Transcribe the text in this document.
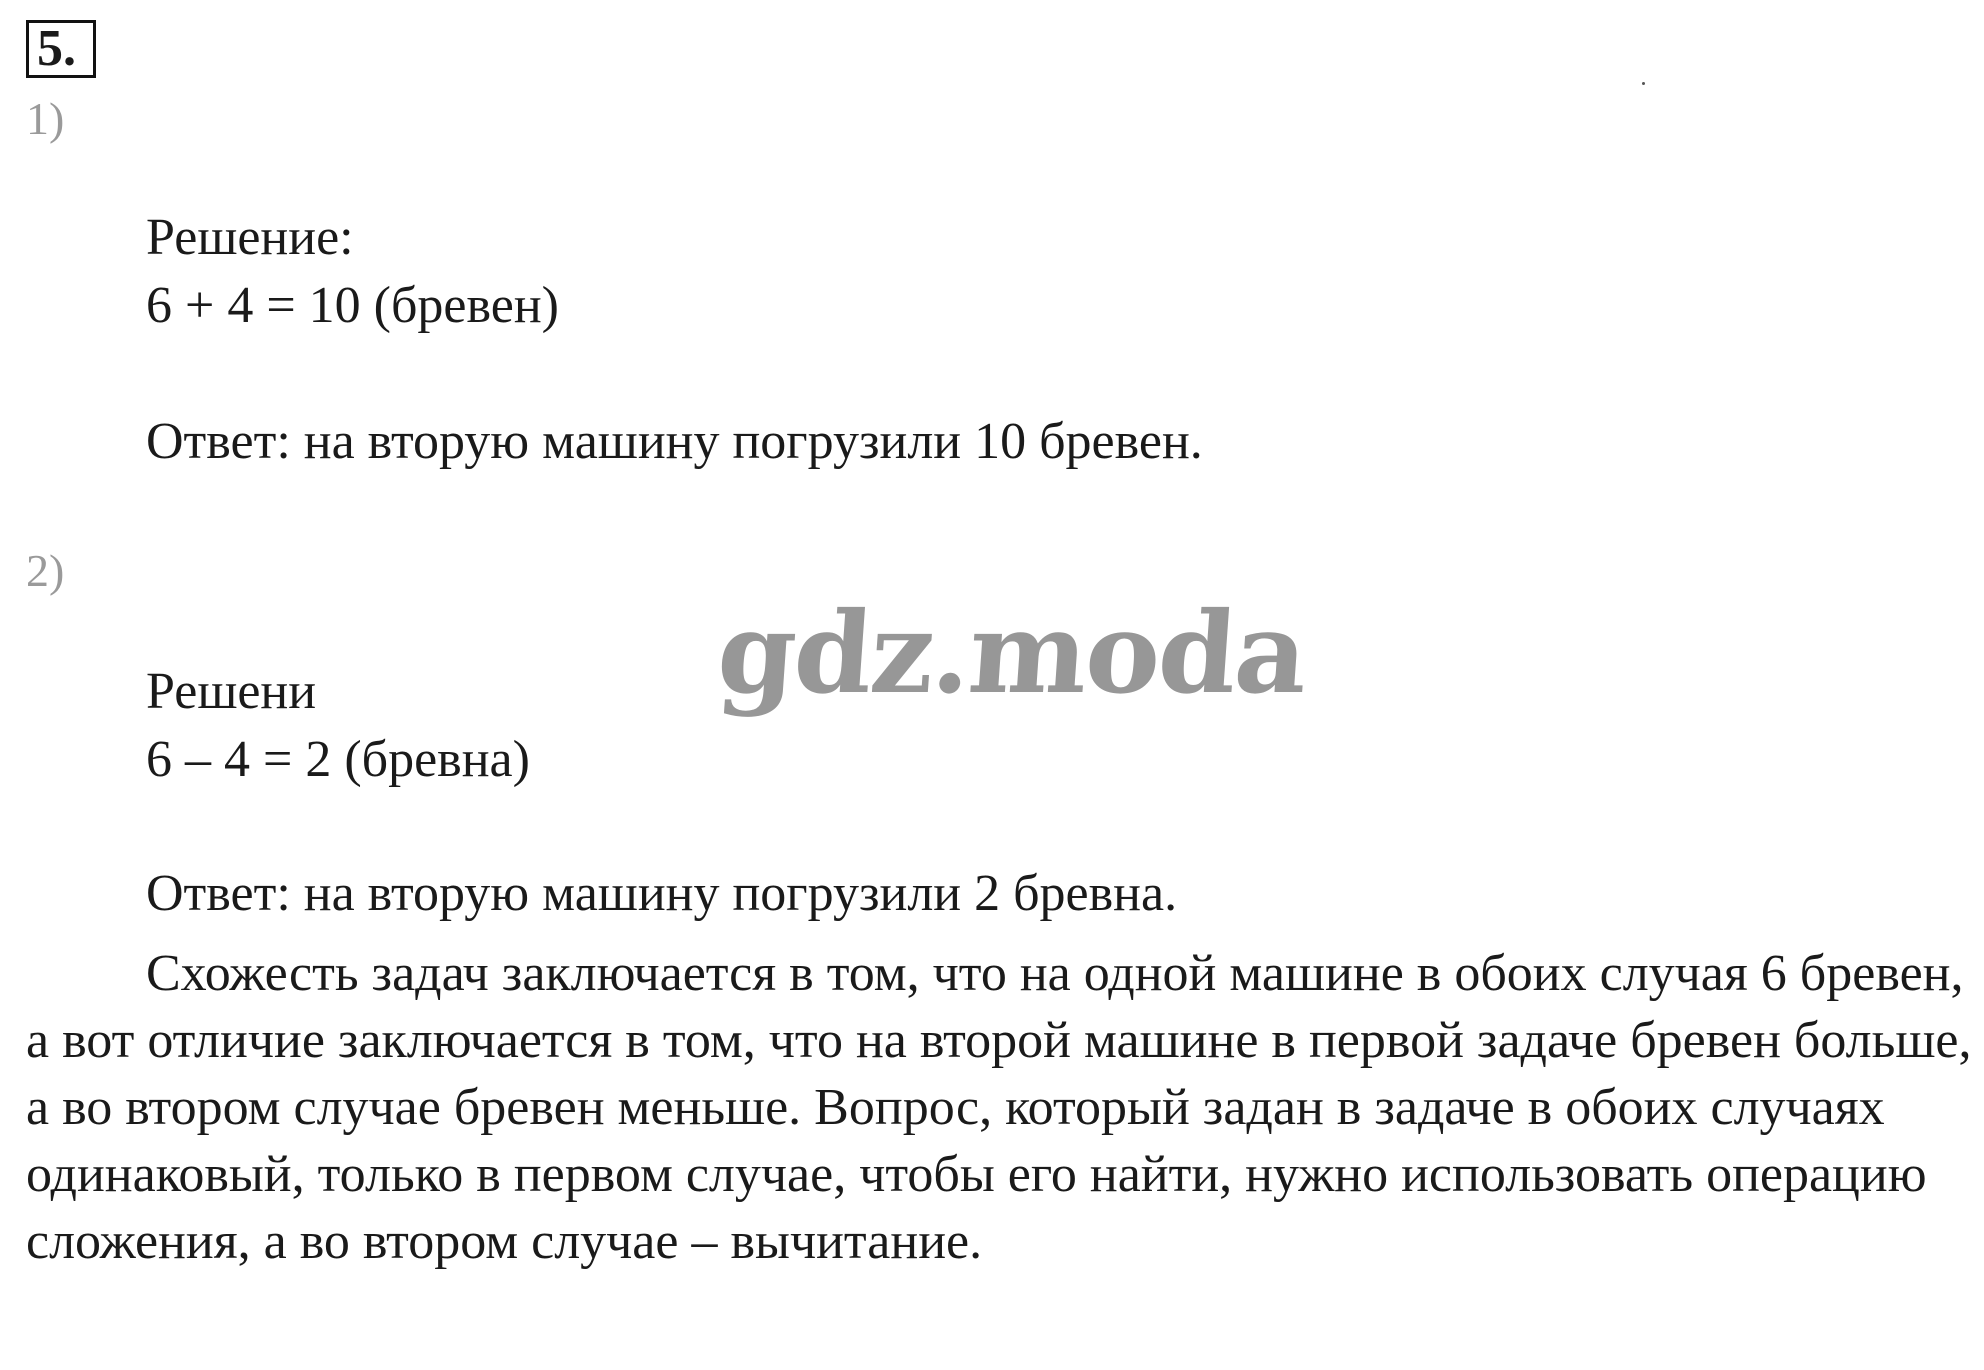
5.
1)
Решение:
6 + 4 = 10 (бревен)
Ответ: на вторую машину погрузили 10 бревен.
2)
Решени
6 – 4 = 2 (бревна)
Ответ: на вторую машину погрузили 2 бревна.
Схожесть задач заключается в том, что на одной машине в обоих случая 6 бревен, а вот отличие заключается в том, что на второй машине в первой задаче бревен больше, а во втором случае бревен меньше. Вопрос, который задан в задаче в обоих случаях одинаковый, только в первом случае, чтобы его найти, нужно использовать операцию сложения, а во втором случае – вычитание.
gdz.moda
